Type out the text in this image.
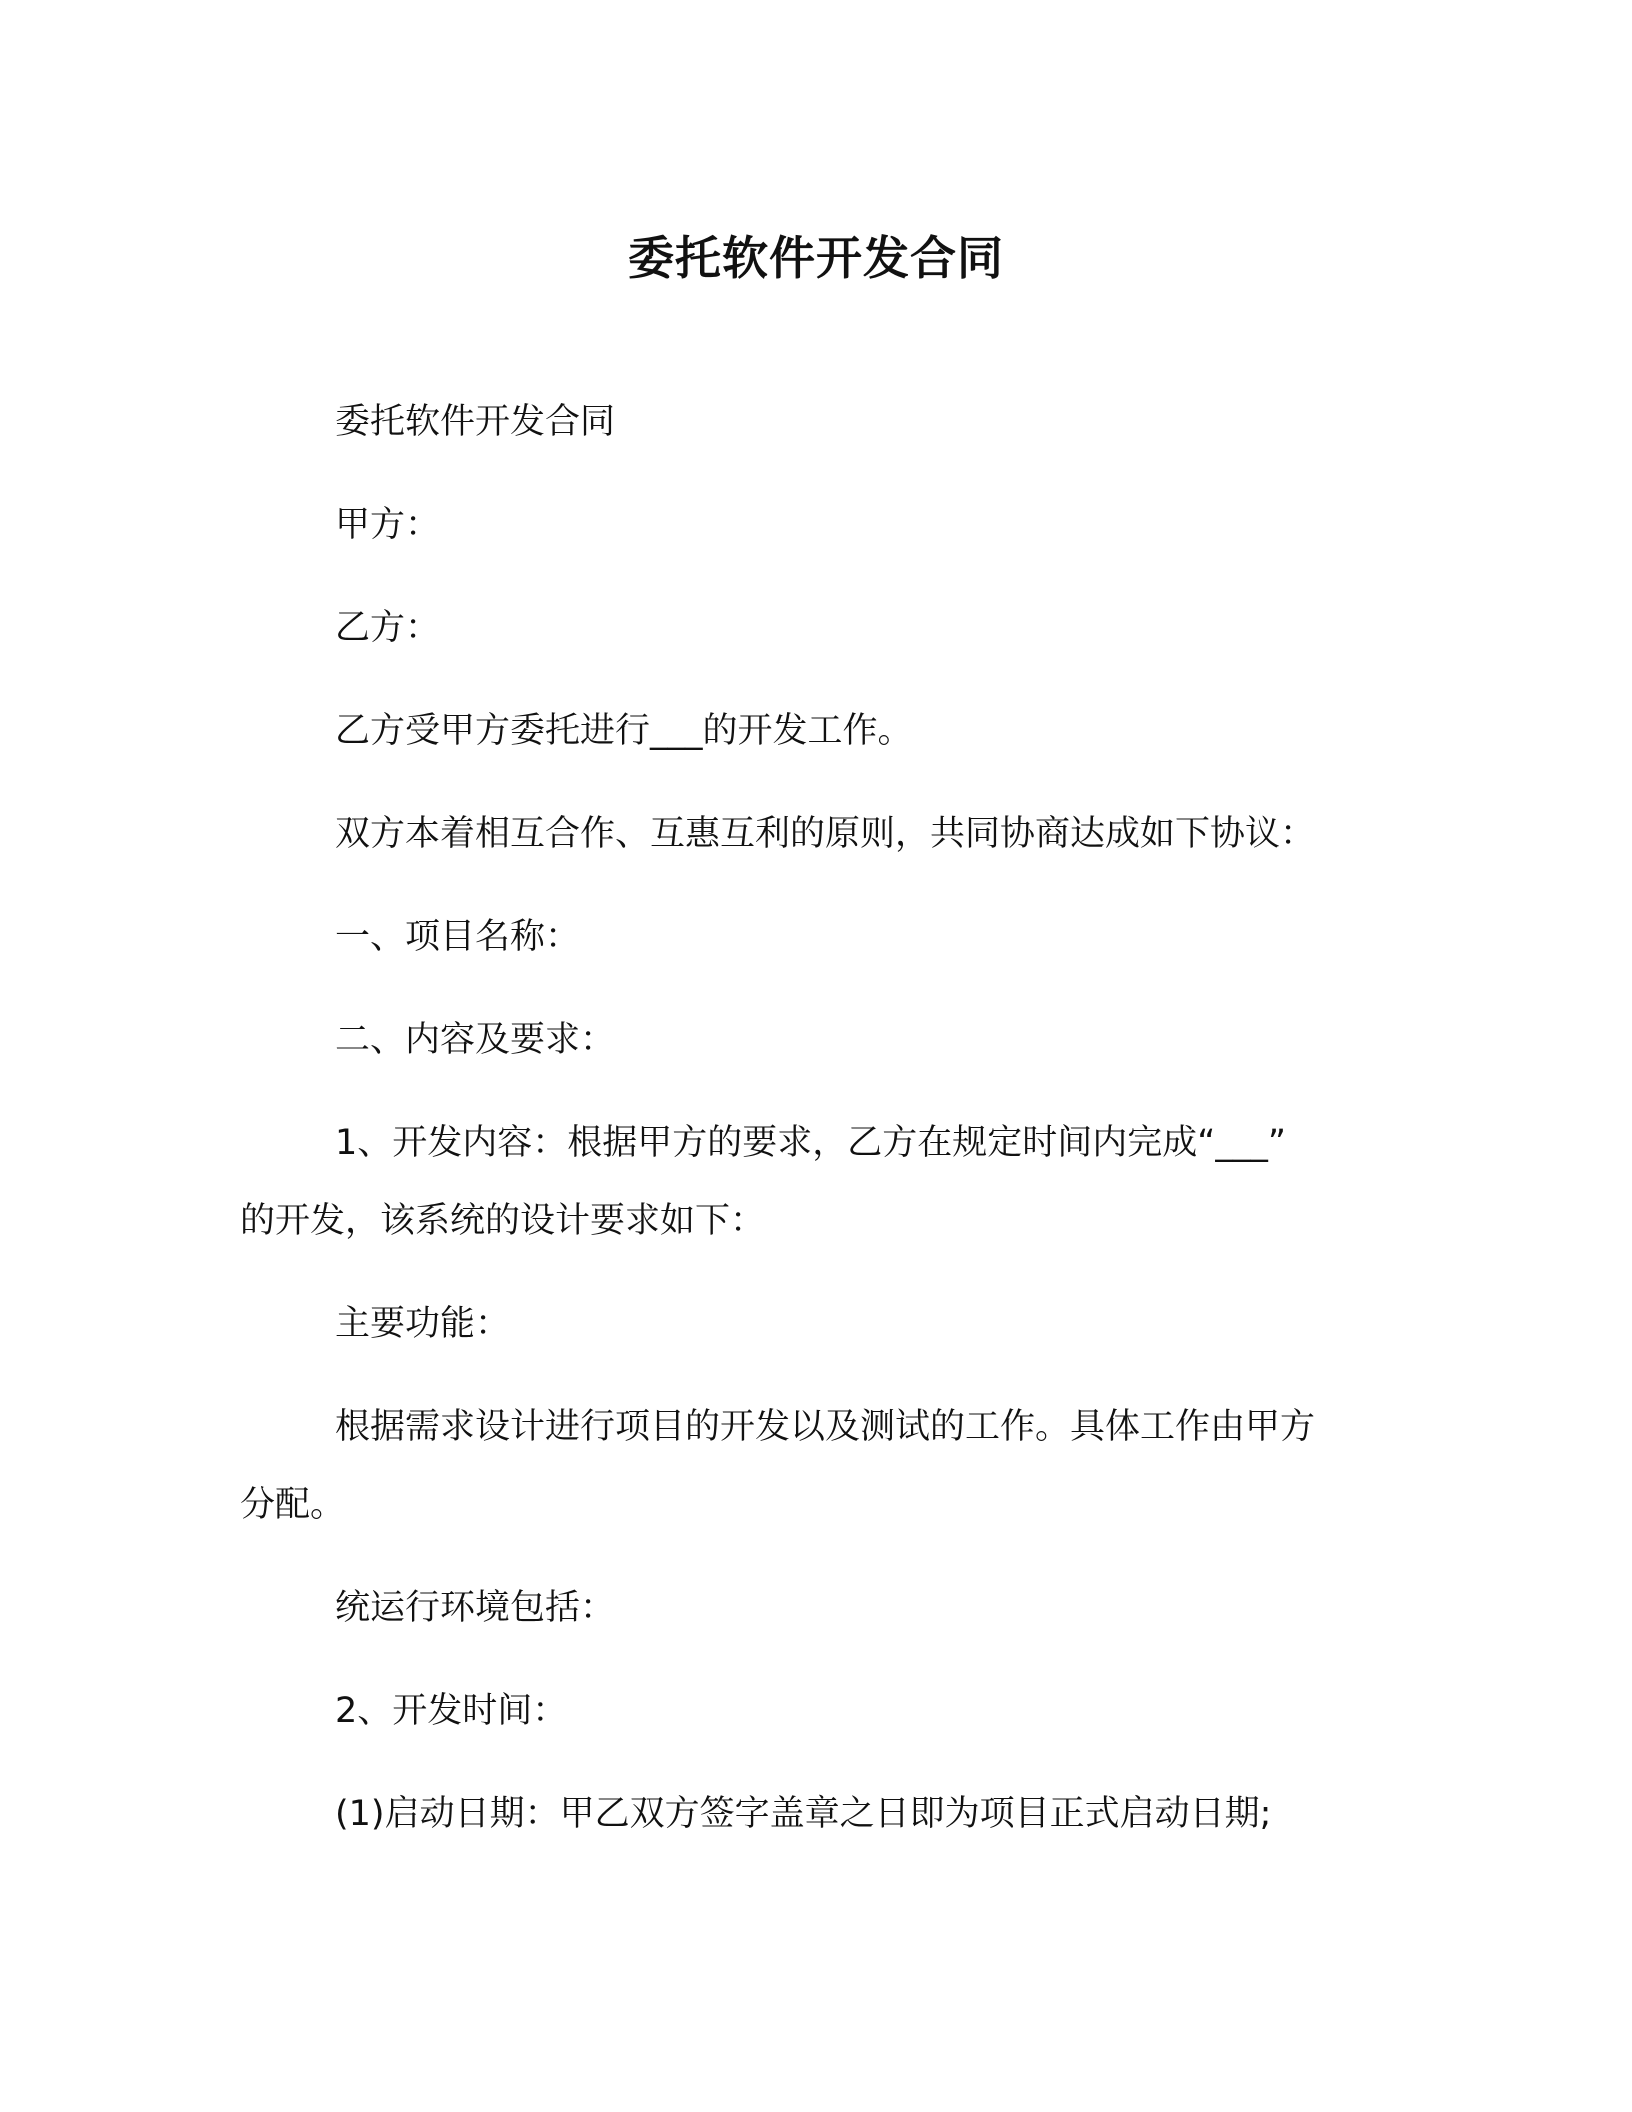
委托软件开发合同

委托软件开发合同

甲方：

乙方：

乙方受甲方委托进行___的开发工作。

双方本着相互合作、互惠互利的原则，共同协商达成如下协议：

一、项目名称：

二、内容及要求：

1、开发内容：根据甲方的要求，乙方在规定时间内完成“___”

的开发，该系统的设计要求如下：

主要功能：

根据需求设计进行项目的开发以及测试的工作。具体工作由甲方

分配。

统运行环境包括：

2、开发时间：

(1)启动日期：甲乙双方签字盖章之日即为项目正式启动日期;
